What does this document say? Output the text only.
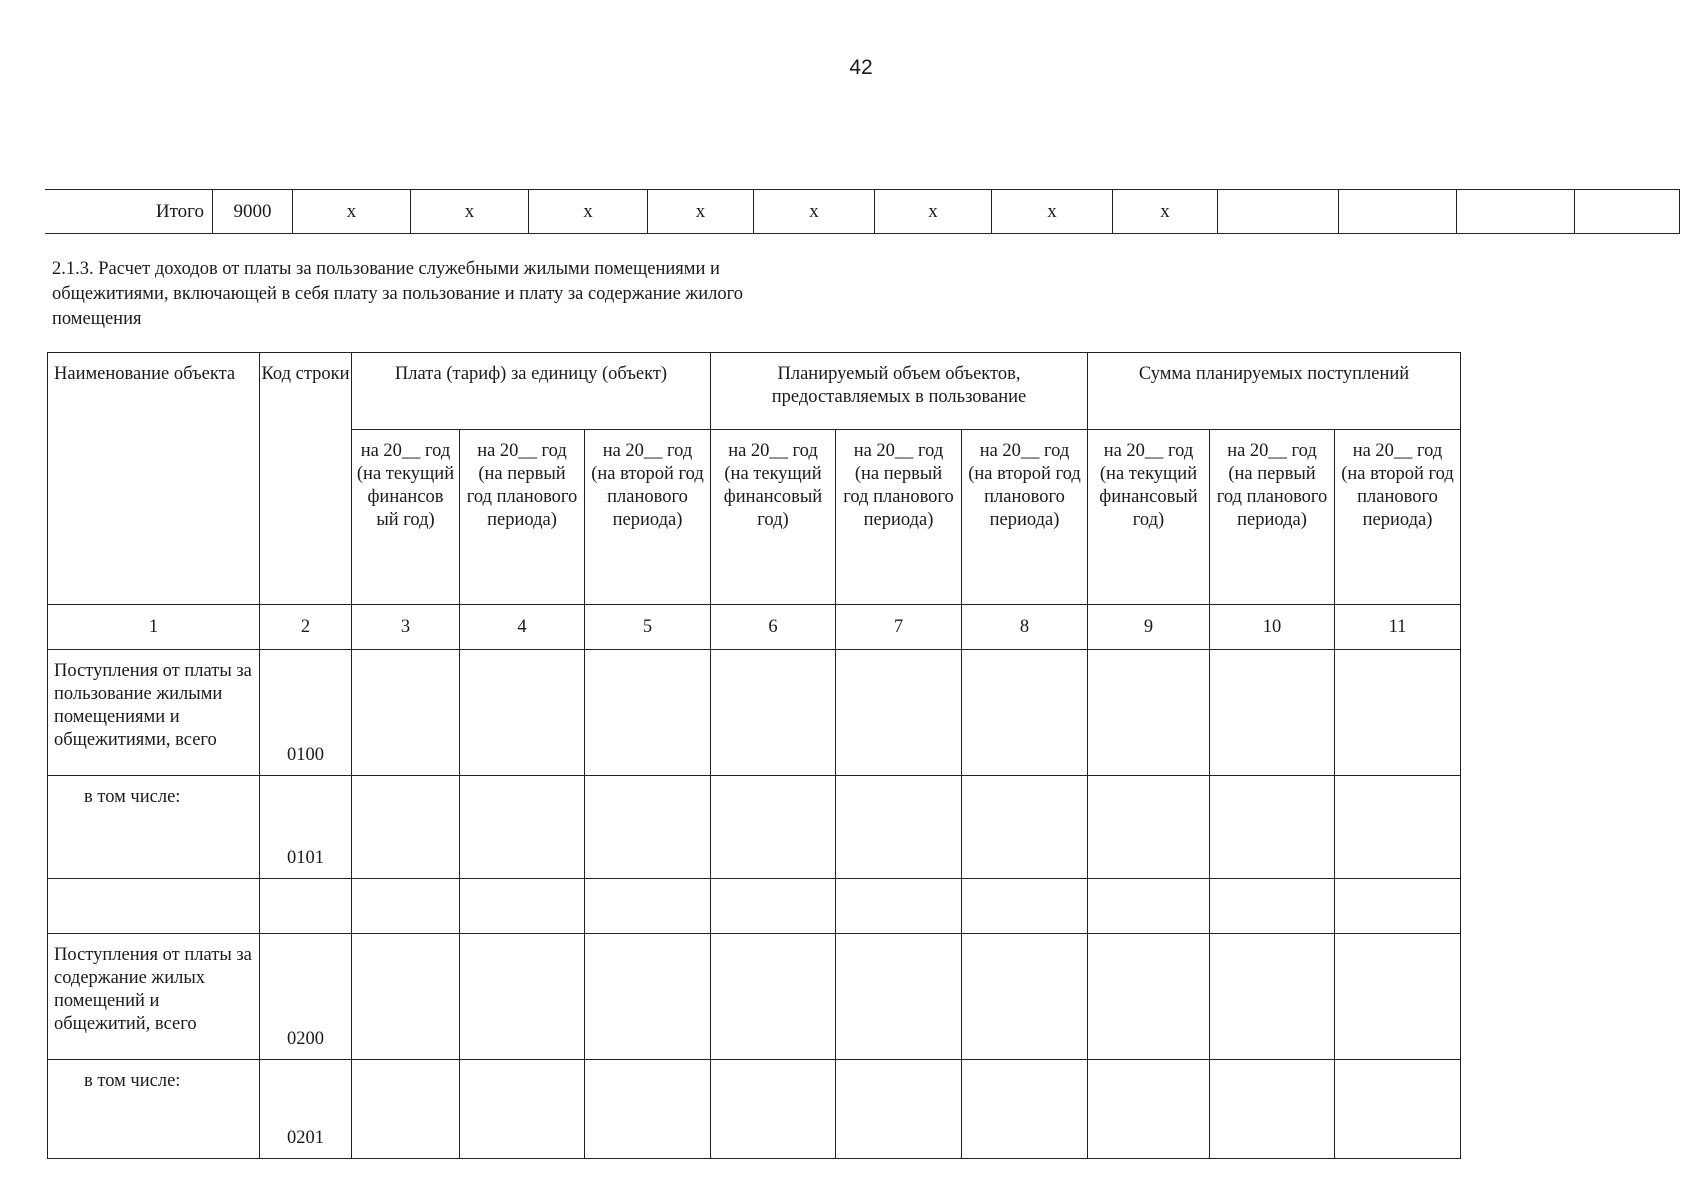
42
Итого	9000	x	x	x	x	x	x	x	x				
2.1.3. Расчет доходов от платы за пользование служебными жилыми помещениями и общежитиями, включающей в себя плату за пользование и плату за содержание жилого помещения
Наименование объекта	Код строки	Плата (тариф) за единицу (объект)			Планируемый объем объектов, предоставляемых в пользование			Сумма планируемых поступлений		
		на 20__ год (на текущий финансов ый год)	на 20__ год (на первый год планового периода)	на 20__ год (на второй год планового периода)	на 20__ год (на текущий финансовый год)	на 20__ год (на первый год планового периода)	на 20__ год (на второй год планового периода)	на 20__ год (на текущий финансовый год)	на 20__ год (на первый год планового периода)	на 20__ год (на второй год планового периода)
1	2	3	4	5	6	7	8	9	10	11
Поступления от платы за пользование жилыми помещениями и общежитиями, всего	0100									
в том числе:	0101									

Поступления от платы за содержание жилых помещений и общежитий, всего	0200									
в том числе:	0201									
